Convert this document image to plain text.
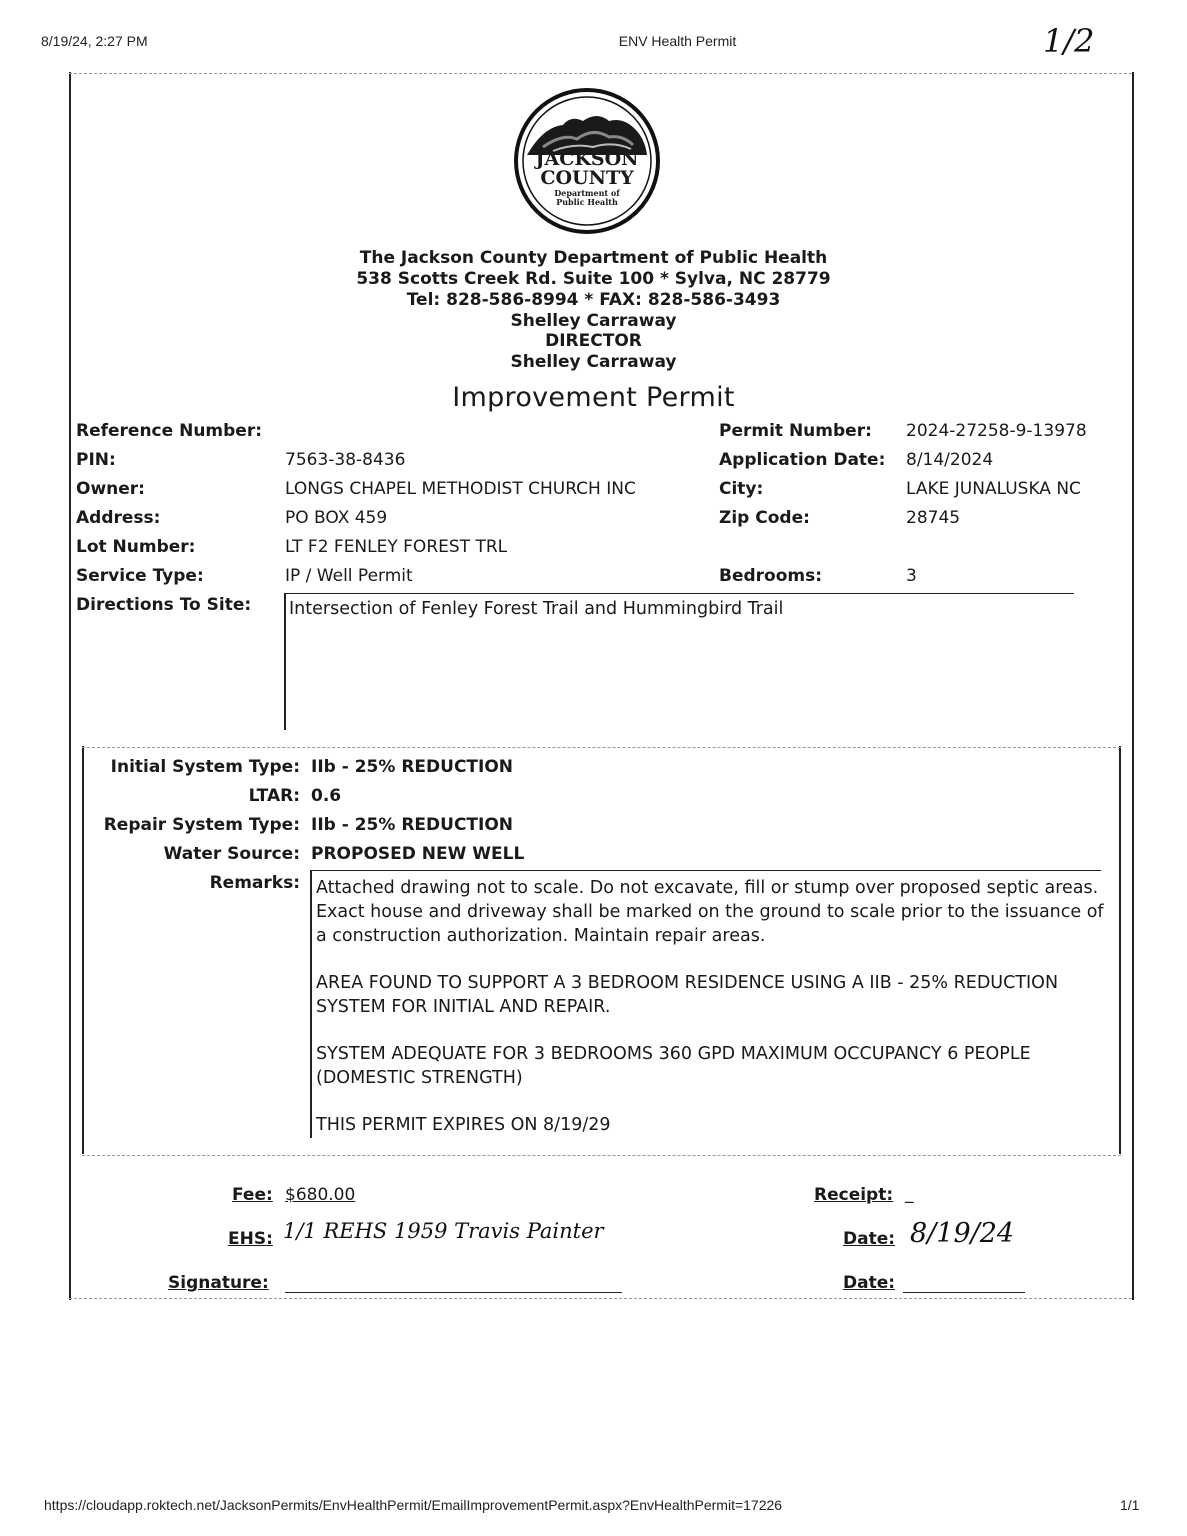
8/19/24, 2:27 PM	ENV Health Permit	1/2
JACKSON
COUNTY
Department of
Public Health
The Jackson County Department of Public Health
538 Scotts Creek Rd. Suite 100 * Sylva, NC 28779
Tel: 828-586-8994 * FAX: 828-586-3493
Shelley Carraway
DIRECTOR
Shelley Carraway
Improvement Permit
Reference Number:
PIN:	7563-38-8436
Owner:	LONGS CHAPEL METHODIST CHURCH INC
Address:	PO BOX 459
Lot Number:	LT F2 FENLEY FOREST TRL
Service Type:	IP / Well Permit
Directions To Site: Intersection of Fenley Forest Trail and Hummingbird Trail
Permit Number: 2024-27258-9-13978
Application Date: 8/14/2024
City:	LAKE JUNALUSKA NC
Zip Code:	28745
Bedrooms:	3
Initial System Type: IIb - 25% REDUCTION
LTAR: 0.6
Repair System Type: IIb - 25% REDUCTION
Water Source: PROPOSED NEW WELL
Remarks: Attached drawing not to scale. Do not excavate, fill or stump over proposed septic areas. Exact house and driveway shall be marked on the ground to scale prior to the issuance of a construction authorization. Maintain repair areas.

AREA FOUND TO SUPPORT A 3 BEDROOM RESIDENCE USING A IIB - 25% REDUCTION SYSTEM FOR INITIAL AND REPAIR.

SYSTEM ADEQUATE FOR 3 BEDROOMS 360 GPD MAXIMUM OCCUPANCY 6 PEOPLE (DOMESTIC STRENGTH)

THIS PERMIT EXPIRES ON 8/19/29

Fee: $680.00	Receipt: _
EHS: 1/1 REHS 1959 Travis Painter	Date: 8/19/24
Signature:	Date:
https://cloudapp.roktech.net/JacksonPermits/EnvHealthPermit/EmailImprovementPermit.aspx?EnvHealthPermit=17226	1/1
